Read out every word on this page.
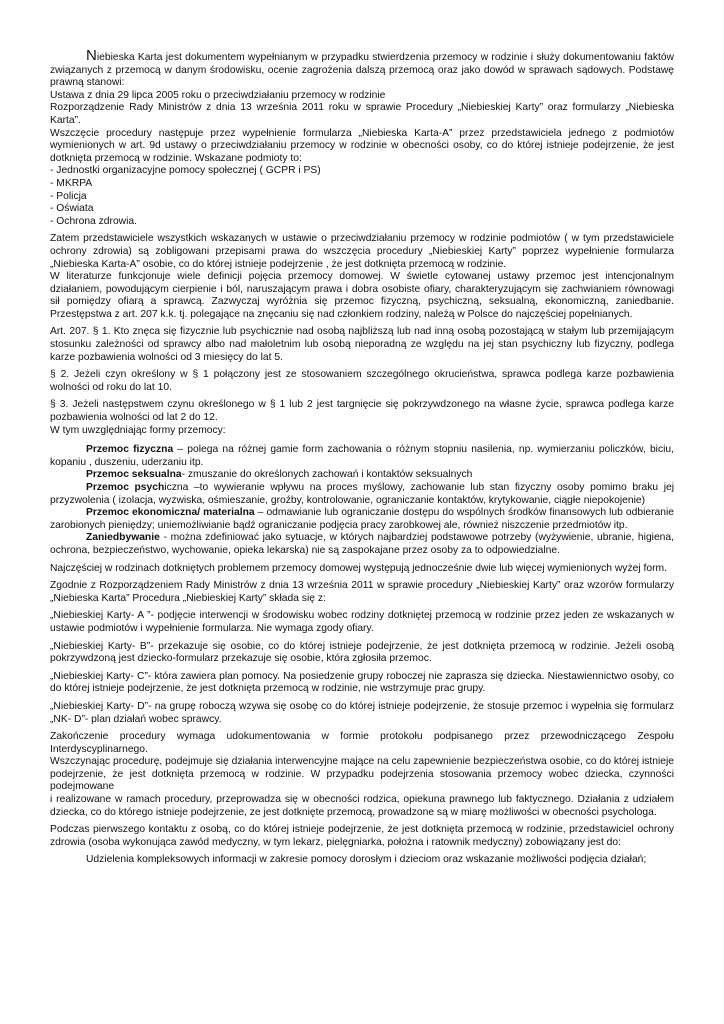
Niebieska Karta jest dokumentem wypełnianym w przypadku stwierdzenia przemocy w rodzinie i służy dokumentowaniu faktów związanych z przemocą w danym środowisku, ocenie zagrożenia dalszą przemocą oraz jako dowód w sprawach sądowych. Podstawę prawną stanowi:

Ustawa z dnia 29 lipca 2005 roku o przeciwdziałaniu przemocy w rodzinie

Rozporządzenie Rady Ministrów z dnia 13 września 2011 roku w sprawie Procedury „Niebieskiej Karty” oraz formularzy „Niebieska Karta”.

Wszczęcie procedury następuje przez wypełnienie formularza „Niebieska Karta-A” przez przedstawiciela jednego z podmiotów wymienionych w art. 9d ustawy o przeciwdziałaniu przemocy w rodzinie w obecności osoby, co do której istnieje podejrzenie, że jest dotknięta przemocą w rodzinie. Wskazane podmioty to:

- Jednostki organizacyjne pomocy społecznej ( GCPR i PS)

- MKRPA

- Policja

- Oświata

- Ochrona zdrowia.

Zatem przedstawiciele wszystkich wskazanych w ustawie o przeciwdziałaniu przemocy w rodzinie podmiotów ( w tym przedstawiciele ochrony zdrowia) są zobligowani przepisami prawa do wszczęcia procedury „Niebieskiej Karty” poprzez wypełnienie formularza „Niebieska Karta-A” osobie, co do której istnieje podejrzenie , że jest dotknięta przemocą w rodzinie.

W literaturze funkcjonuje wiele definicji pojęcia przemocy domowej. W świetle cytowanej ustawy przemoc jest intencjonalnym działaniem, powodującym cierpienie i ból, naruszającym prawa i dobra osobiste ofiary, charakteryzującym się zachwianiem równowagi sił pomiędzy ofiarą a sprawcą. Zazwyczaj wyróżnia się przemoc fizyczną, psychiczną, seksualną, ekonomiczną, zaniedbanie. Przestępstwa z art. 207 k.k. tj. polegające na znęcaniu się nad członkiem rodziny, należą w Polsce do najczęściej popełnianych.

Art. 207. § 1. Kto znęca się fizycznie lub psychicznie nad osobą najbliższą lub nad inną osobą pozostającą w stałym lub przemijającym stosunku zależności od sprawcy albo nad małoletnim lub osobą nieporadną ze względu na jej stan psychiczny lub fizyczny, podlega karze pozbawienia wolności od 3 miesięcy do lat 5.

§ 2. Jeżeli czyn określony w § 1 połączony jest ze stosowaniem szczególnego okrucieństwa, sprawca podlega karze pozbawienia wolności od roku do lat 10.

§ 3. Jeżeli następstwem czynu określonego w § 1 lub 2 jest targnięcie się pokrzywdzonego na własne życie, sprawca podlega karze pozbawienia wolności od lat 2 do 12.

W tym uwzględniając formy przemocy:

Przemoc fizyczna – polega na różnej gamie form zachowania o różnym stopniu nasilenia, np. wymierzaniu policzków, biciu, kopaniu , duszeniu, uderzaniu itp.

Przemoc seksualna- zmuszanie do określonych zachowań i kontaktów seksualnych

Przemoc psychiczna –to wywieranie wpływu na proces myślowy, zachowanie lub stan fizyczny osoby pomimo braku jej przyzwolenia ( izolacja, wyzwiska, ośmieszanie, groźby, kontrolowanie, ograniczanie kontaktów, krytykowanie, ciągłe niepokojenie)

Przemoc ekonomiczna/ materialna – odmawianie lub ograniczanie dostępu do wspólnych środków finansowych lub odbieranie zarobionych pieniędzy; uniemożliwianie bądź ograniczanie podjęcia pracy zarobkowej ale, również niszczenie przedmiotów itp.

Zaniedbywanie - można zdefiniować jako sytuacje, w których najbardziej podstawowe potrzeby (wyżywienie, ubranie, higiena, ochrona, bezpieczeństwo, wychowanie, opieka lekarska) nie są zaspokajane przez osoby za to odpowiedzialne.

Najczęściej w rodzinach dotkniętych problemem przemocy domowej występują jednocześnie dwie lub więcej wymienionych wyżej form.

Zgodnie z Rozporządzeniem Rady Ministrów z dnia 13 września 2011 w sprawie procedury „Niebieskiej Karty” oraz wzorów formularzy „Niebieska Karta” Procedura „Niebieskiej Karty” składa się z:

„Niebieskiej Karty- A ”- podjęcie interwencji w środowisku wobec rodziny dotkniętej przemocą w rodzinie przez jeden ze wskazanych w ustawie podmiotów i wypełnienie formularza. Nie wymaga zgody ofiary.

„Niebieskiej Karty- B”- przekazuje się osobie, co do której istnieje podejrzenie, że jest dotknięta przemocą w rodzinie. Jeżeli osobą pokrzywdzoną jest dziecko-formularz przekazuje się osobie, która zgłosiła przemoc.

„Niebieskiej Karty- C”- która zawiera plan pomocy. Na posiedzenie grupy roboczej nie zaprasza się dziecka. Niestawiennictwo osoby, co do której istnieje podejrzenie, że jest dotknięta przemocą w rodzinie, nie wstrzymuje prac grupy.

„Niebieskiej Karty- D”- na grupę roboczą wzywa się osobę co do której istnieje podejrzenie, że stosuje przemoc i wypełnia się formularz „NK- D”- plan działań wobec sprawcy.

Zakończenie procedury wymaga udokumentowania w formie protokołu podpisanego przez przewodniczącego Zespołu Interdyscyplinarnego.

Wszczynając procedurę, podejmuje się działania interwencyjne mające na celu zapewnienie bezpieczeństwa osobie, co do której istnieje podejrzenie, że jest dotknięta przemocą w rodzinie. W przypadku podejrzenia stosowania przemocy wobec dziecka, czynności podejmowane

i realizowane w ramach procedury, przeprowadza się w obecności rodzica, opiekuna prawnego lub faktycznego. Działania z udziałem dziecka, co do którego istnieje podejrzenie, ze jest dotknięte przemocą, prowadzone są w miarę możliwości w obecności psychologa.

Podczas pierwszego kontaktu z osobą, co do której istnieje podejrzenie, że jest dotknięta przemocą w rodzinie, przedstawiciel ochrony zdrowia (osoba wykonująca zawód medyczny, w tym lekarz, pielęgniarka, położna i ratownik medyczny) zobowiązany jest do:

Udzielenia kompleksowych informacji w zakresie pomocy dorosłym i dzieciom oraz wskazanie możliwości podjęcia działań;
